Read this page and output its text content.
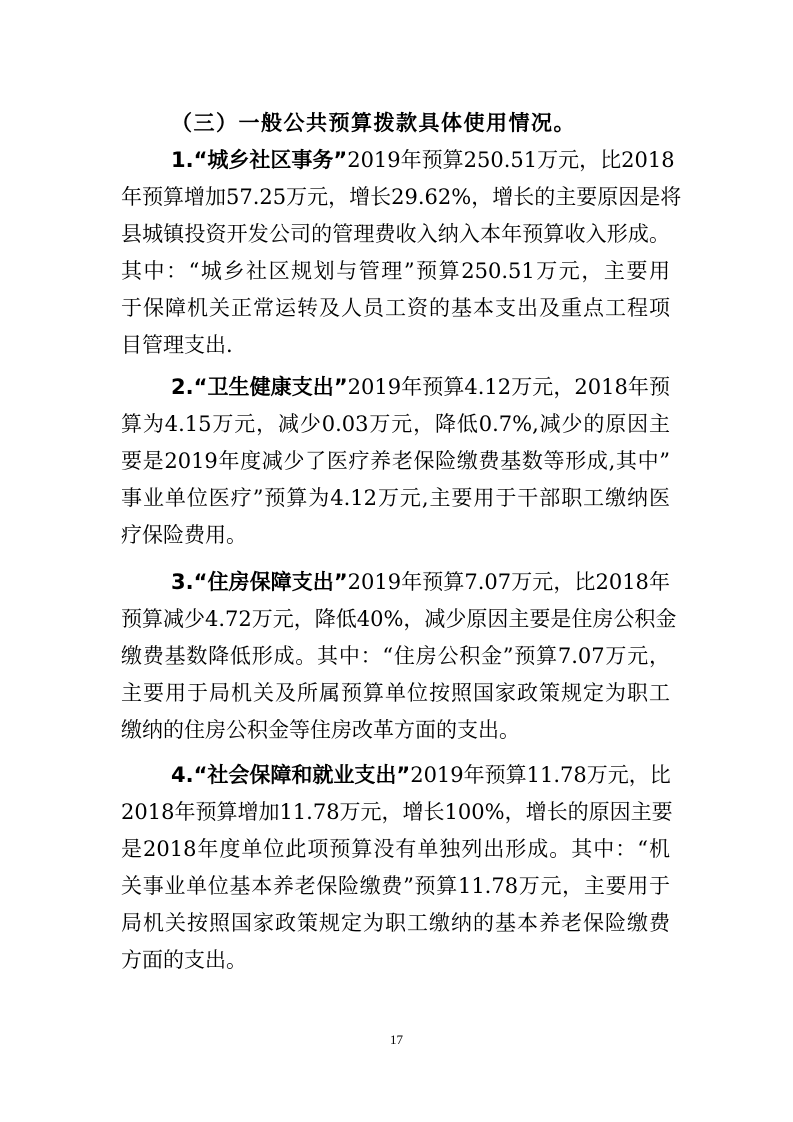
（三）一般公共预算拨款具体使用情况。
1.“城乡社区事务”2019年预算250.51万元，比2018
年预算增加57.25万元，增长29.62%，增长的主要原因是将
县城镇投资开发公司的管理费收入纳入本年预算收入形成。
其中：“城乡社区规划与管理”预算250.51万元，主要用
于保障机关正常运转及人员工资的基本支出及重点工程项
目管理支出.
2.“卫生健康支出”2019年预算4.12万元，2018年预
算为4.15万元，减少0.03万元，降低0.7%,减少的原因主
要是2019年度减少了医疗养老保险缴费基数等形成,其中”
事业单位医疗”预算为4.12万元,主要用于干部职工缴纳医
疗保险费用。
3.“住房保障支出”2019年预算7.07万元，比2018年
预算减少4.72万元，降低40%，减少原因主要是住房公积金
缴费基数降低形成。其中：“住房公积金”预算7.07万元，
主要用于局机关及所属预算单位按照国家政策规定为职工
缴纳的住房公积金等住房改革方面的支出。
4.“社会保障和就业支出”2019年预算11.78万元，比
2018年预算增加11.78万元，增长100%，增长的原因主要
是2018年度单位此项预算没有单独列出形成。其中：“机
关事业单位基本养老保险缴费”预算11.78万元，主要用于
局机关按照国家政策规定为职工缴纳的基本养老保险缴费
方面的支出。
17
